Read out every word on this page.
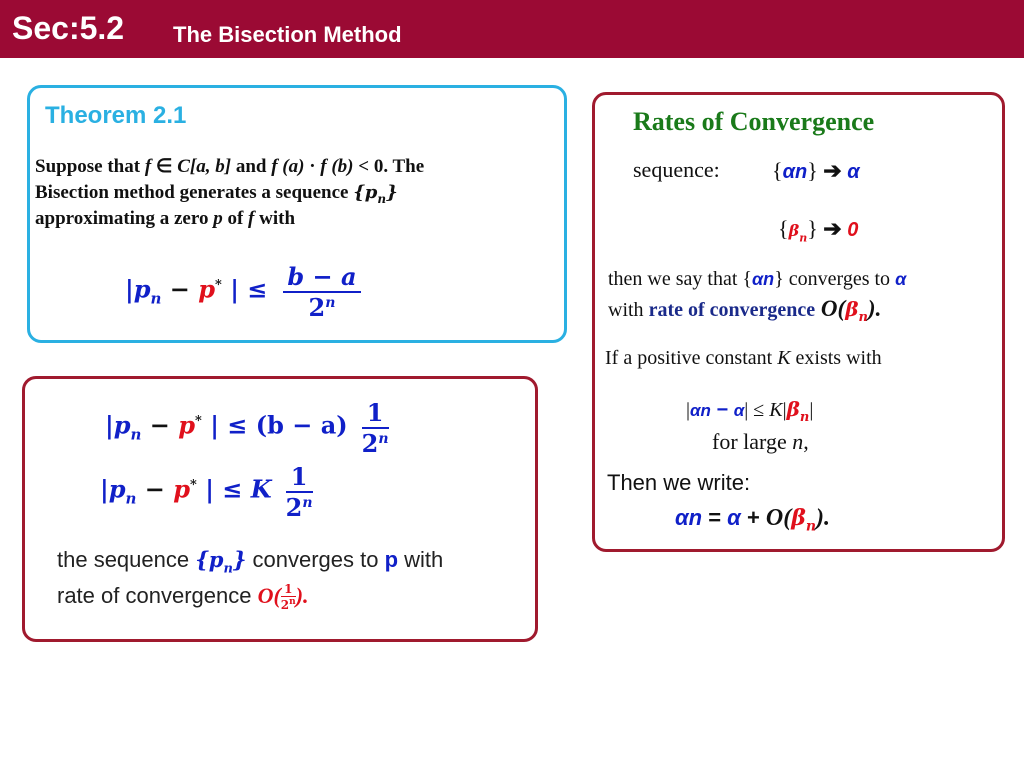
Sec:5.2 The Bisection Method
Theorem 2.1
Suppose that f ∈ C[a, b] and f (a) · f (b) < 0. The
Bisection method generates a sequence $\{p_n\}$
approximating a zero p of f with
$|p_n - p^*$ | ≤ $\frac{b - a}{2^n}$
$|p_n - p^*$ | ≤ $(b - a) \frac{1}{2^n}$
$|p_n - p^*$ | ≤ K $\frac{1}{2^n}$
the sequence $\{p_n\}$ converges to p with
rate of convergence $O( \frac{1}{2^n}$ ).
Rates of Convergence
sequence: {αn} ➔ α
$\{\beta_n\}$ ➔ 0
then we say that {αn} converges to α
with rate of convergence $O(\beta_n)$.
If a positive constant K exists with
$|\alpha n - \alpha| \le K|\beta_n|$
for large n,
Then we write:
$\alpha n = \alpha + O(\beta_n)$.
